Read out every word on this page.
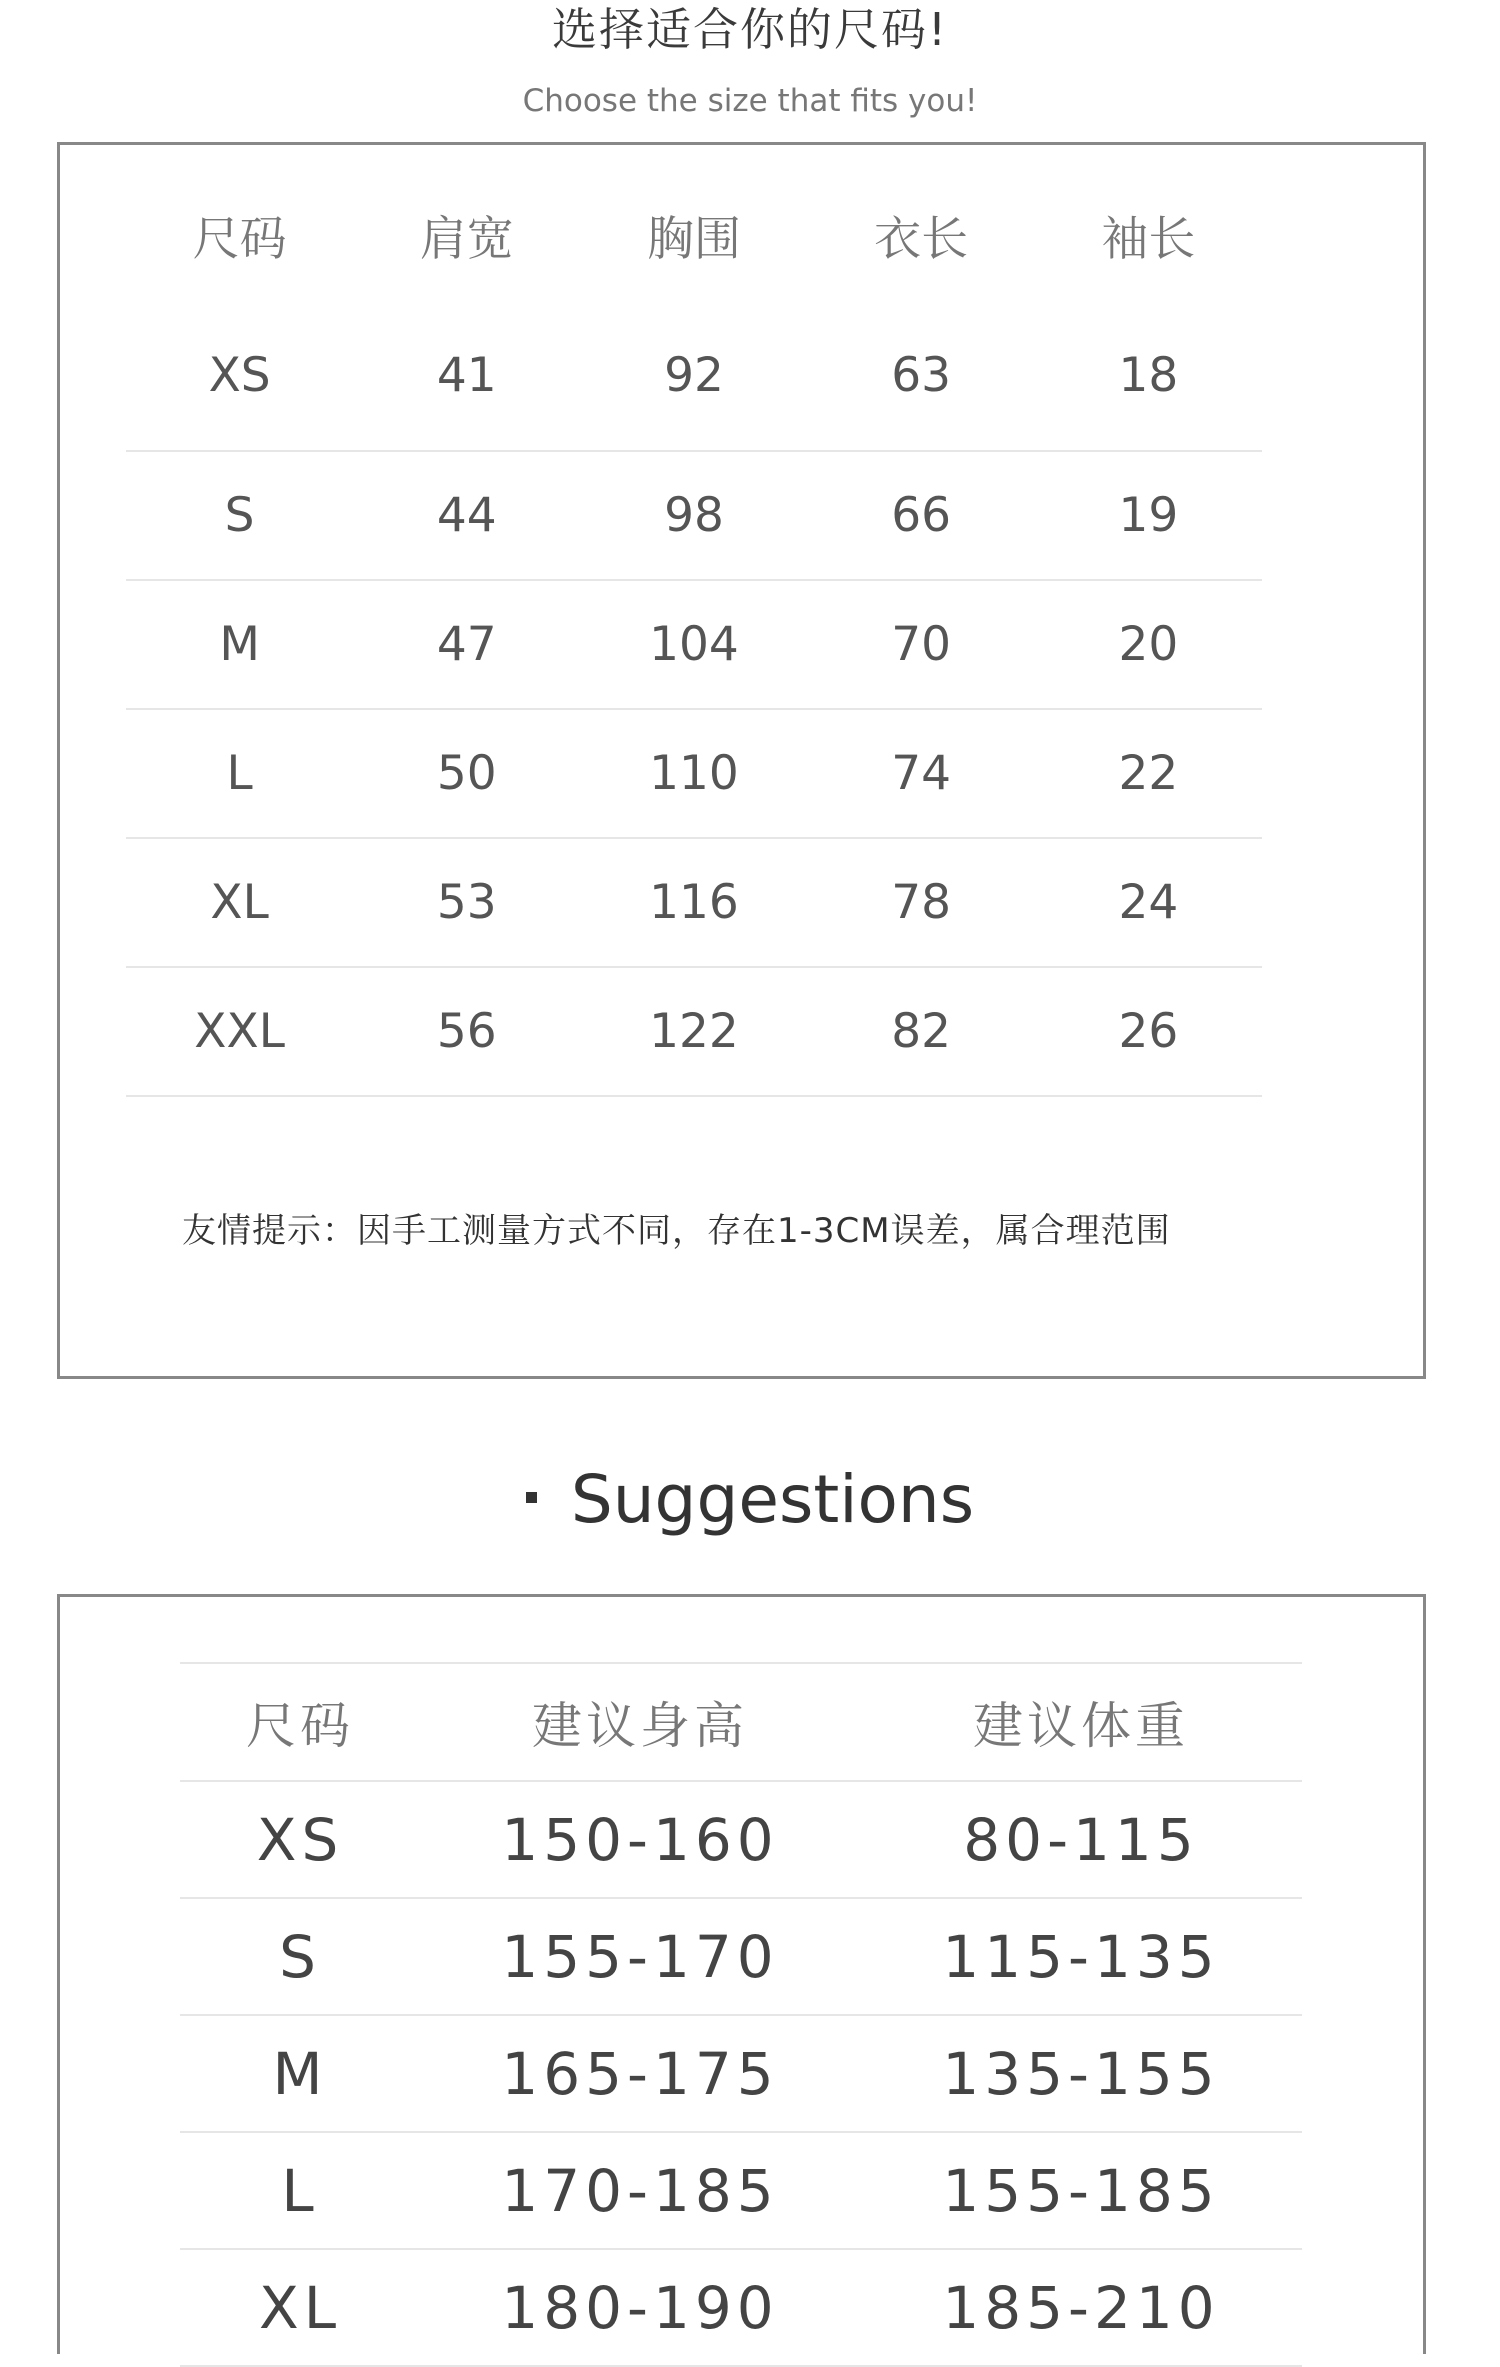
选择适合你的尺码!
Choose the size that fits you!
尺码	肩宽	胸围	衣长	袖长
XS	41	92	63	18
S	44	98	66	19
M	47	104	70	20
L	50	110	74	22
XL	53	116	78	24
XXL	56	122	82	26
友情提示：因手工测量方式不同，存在1-3CM误差，属合理范围
Suggestions
尺码	建议身高	建议体重
XS	150-160	80-115
S	155-170	115-135
M	165-175	135-155
L	170-185	155-185
XL	180-190	185-210
